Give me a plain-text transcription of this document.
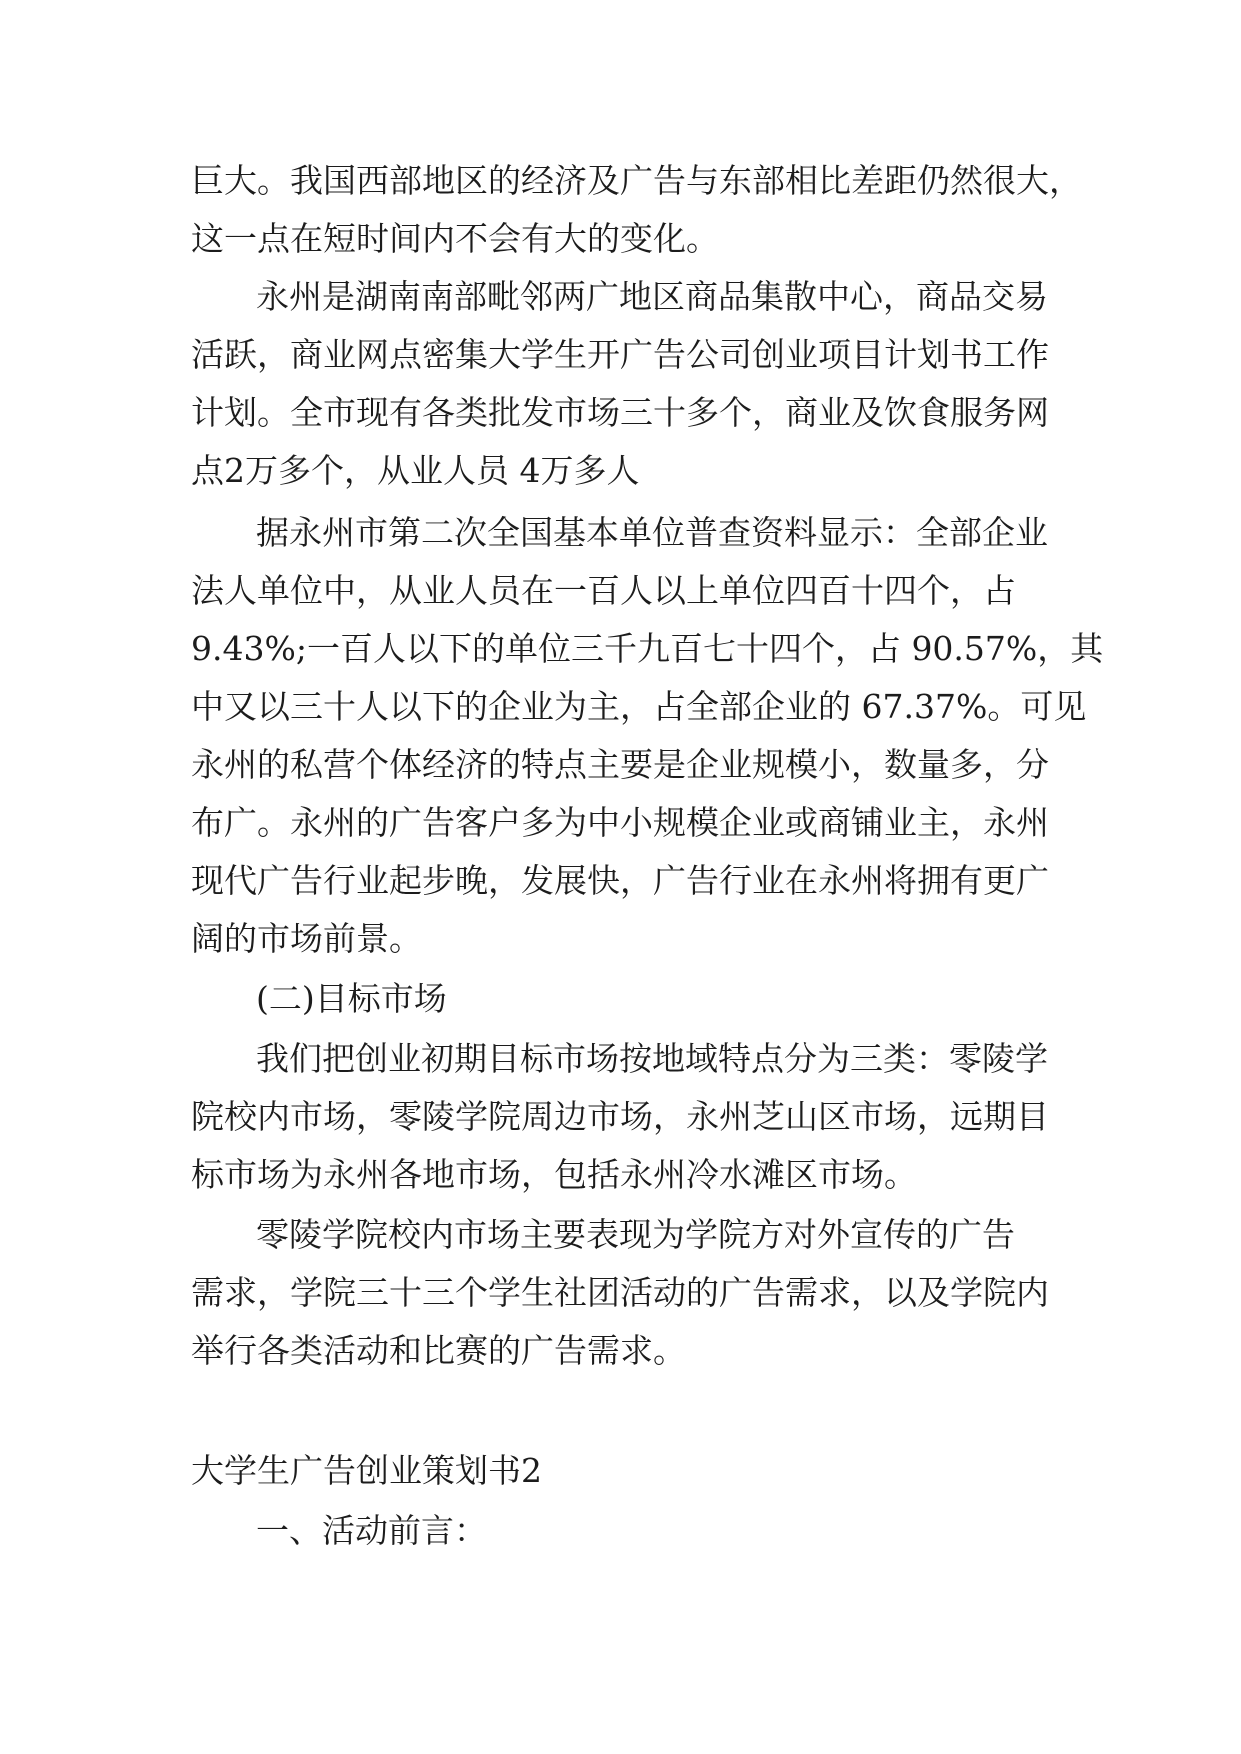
巨大。我国西部地区的经济及广告与东部相比差距仍然很大，

这一点在短时间内不会有大的变化。

永州是湖南南部毗邻两广地区商品集散中心，商品交易

活跃，商业网点密集大学生开广告公司创业项目计划书工作

计划。全市现有各类批发市场三十多个，商业及饮食服务网

点2万多个，从业人员 4万多人

据永州市第二次全国基本单位普查资料显示：全部企业

法人单位中，从业人员在一百人以上单位四百十四个，占

9.43%;一百人以下的单位三千九百七十四个，占 90.57%，其

中又以三十人以下的企业为主，占全部企业的 67.37%。可见

永州的私营个体经济的特点主要是企业规模小，数量多，分

布广。永州的广告客户多为中小规模企业或商铺业主，永州

现代广告行业起步晚，发展快，广告行业在永州将拥有更广

阔的市场前景。

(二)目标市场

我们把创业初期目标市场按地域特点分为三类：零陵学

院校内市场，零陵学院周边市场，永州芝山区市场，远期目

标市场为永州各地市场，包括永州冷水滩区市场。

零陵学院校内市场主要表现为学院方对外宣传的广告

需求，学院三十三个学生社团活动的广告需求，以及学院内

举行各类活动和比赛的广告需求。

大学生广告创业策划书2

一、活动前言：
